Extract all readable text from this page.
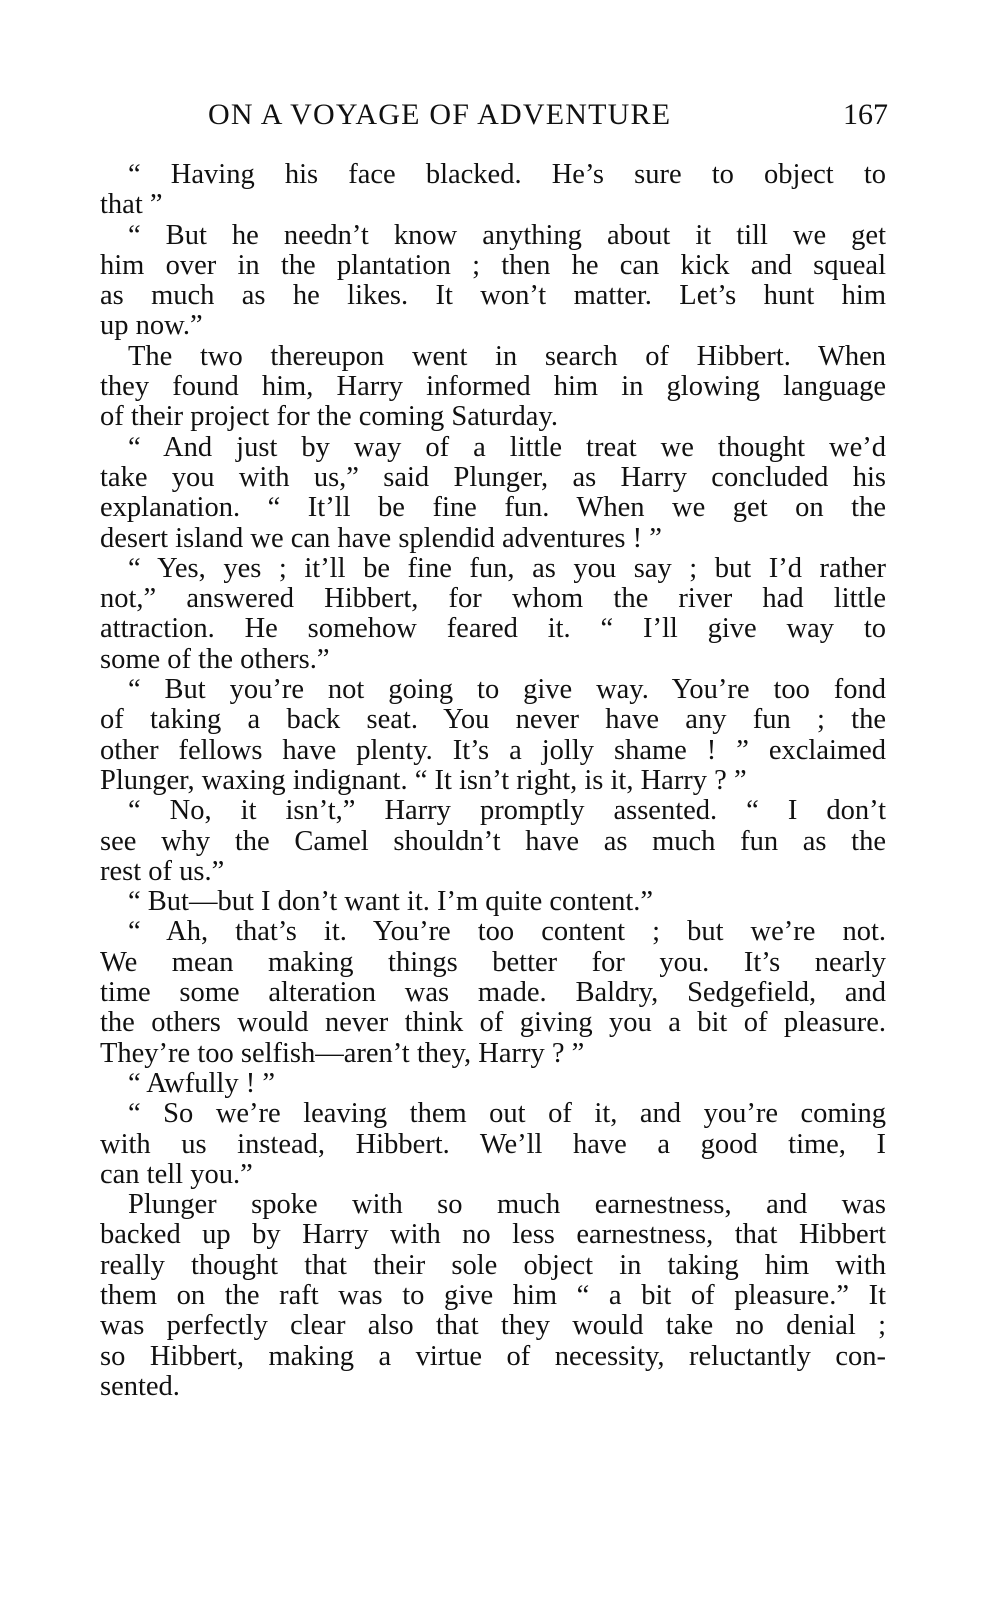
ON A VOYAGE OF ADVENTURE	167
“ Having his face blacked. He’s sure to object to
that ”
“ But he needn’t know anything about it till we get
him over in the plantation ; then he can kick and squeal
as much as he likes. It won’t matter. Let’s hunt him
up now.”
The two thereupon went in search of Hibbert. When
they found him, Harry informed him in glowing language
of their project for the coming Saturday.
“ And just by way of a little treat we thought we’d
take you with us,” said Plunger, as Harry concluded his
explanation. “ It’ll be fine fun. When we get on the
desert island we can have splendid adventures ! ”
“ Yes, yes ; it’ll be fine fun, as you say ; but I’d rather
not,” answered Hibbert, for whom the river had little
attraction. He somehow feared it. “ I’ll give way to
some of the others.”
“ But you’re not going to give way. You’re too fond
of taking a back seat. You never have any fun ; the
other fellows have plenty. It’s a jolly shame ! ” exclaimed
Plunger, waxing indignant. “ It isn’t right, is it, Harry ? ”
“ No, it isn’t,” Harry promptly assented. “ I don’t
see why the Camel shouldn’t have as much fun as the
rest of us.”
“ But—but I don’t want it. I’m quite content.”
“ Ah, that’s it. You’re too content ; but we’re not.
We mean making things better for you. It’s nearly
time some alteration was made. Baldry, Sedgefield, and
the others would never think of giving you a bit of pleasure.
They’re too selfish—aren’t they, Harry ? ”
“ Awfully ! ”
“ So we’re leaving them out of it, and you’re coming
with us instead, Hibbert. We’ll have a good time, I
can tell you.”
Plunger spoke with so much earnestness, and was
backed up by Harry with no less earnestness, that Hibbert
really thought that their sole object in taking him with
them on the raft was to give him “ a bit of pleasure.” It
was perfectly clear also that they would take no denial ;
so Hibbert, making a virtue of necessity, reluctantly con-
sented.
